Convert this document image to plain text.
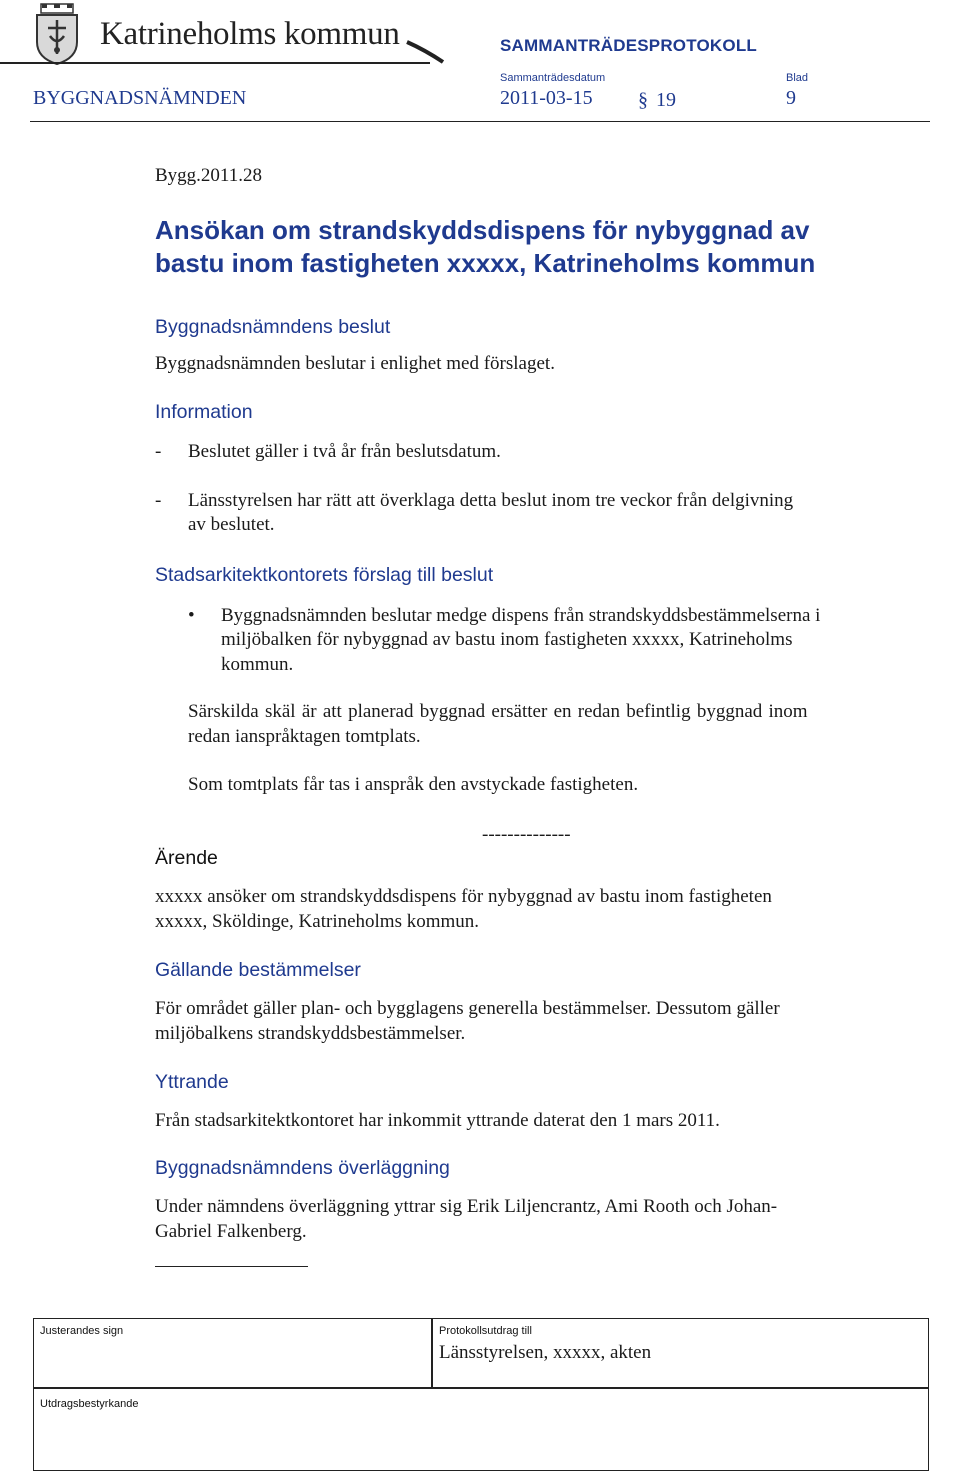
Katrineholms kommun	SAMMANTRÄDESPROTOKOLL
Sammanträdesdatum	Blad
BYGGNADSNÄMNDEN	2011-03-15 § 19	9
Bygg.2011.28
Ansökan om strandskyddsdispens för nybyggnad av
bastu inom fastigheten xxxxx, Katrineholms kommun
Byggnadsnämndens beslut
Byggnadsnämnden beslutar i enlighet med förslaget.
Information
- Beslutet gäller i två år från beslutsdatum.
- Länsstyrelsen har rätt att överklaga detta beslut inom tre veckor från delgivning
av beslutet.
Stadsarkitektkontorets förslag till beslut
• Byggnadsnämnden beslutar medge dispens från strandskyddsbestämmelserna i
miljöbalken för nybyggnad av bastu inom fastigheten xxxxx, Katrineholms
kommun.
Särskilda skäl är att planerad byggnad ersätter en redan befintlig byggnad inom
redan ianspråktagen tomtplats.
Som tomtplats får tas i anspråk den avstyckade fastigheten.
--------------
Ärende
xxxxx ansöker om strandskyddsdispens för nybyggnad av bastu inom fastigheten
xxxxx, Sköldinge, Katrineholms kommun.
Gällande bestämmelser
För området gäller plan- och bygglagens generella bestämmelser. Dessutom gäller
miljöbalkens strandskyddsbestämmelser.
Yttrande
Från stadsarkitektkontoret har inkommit yttrande daterat den 1 mars 2011.
Byggnadsnämndens överläggning
Under nämndens överläggning yttrar sig Erik Liljencrantz, Ami Rooth och Johan-
Gabriel Falkenberg.
Justerandes sign	Protokollsutdrag till
Länsstyrelsen, xxxxx, akten
Utdragsbestyrkande
